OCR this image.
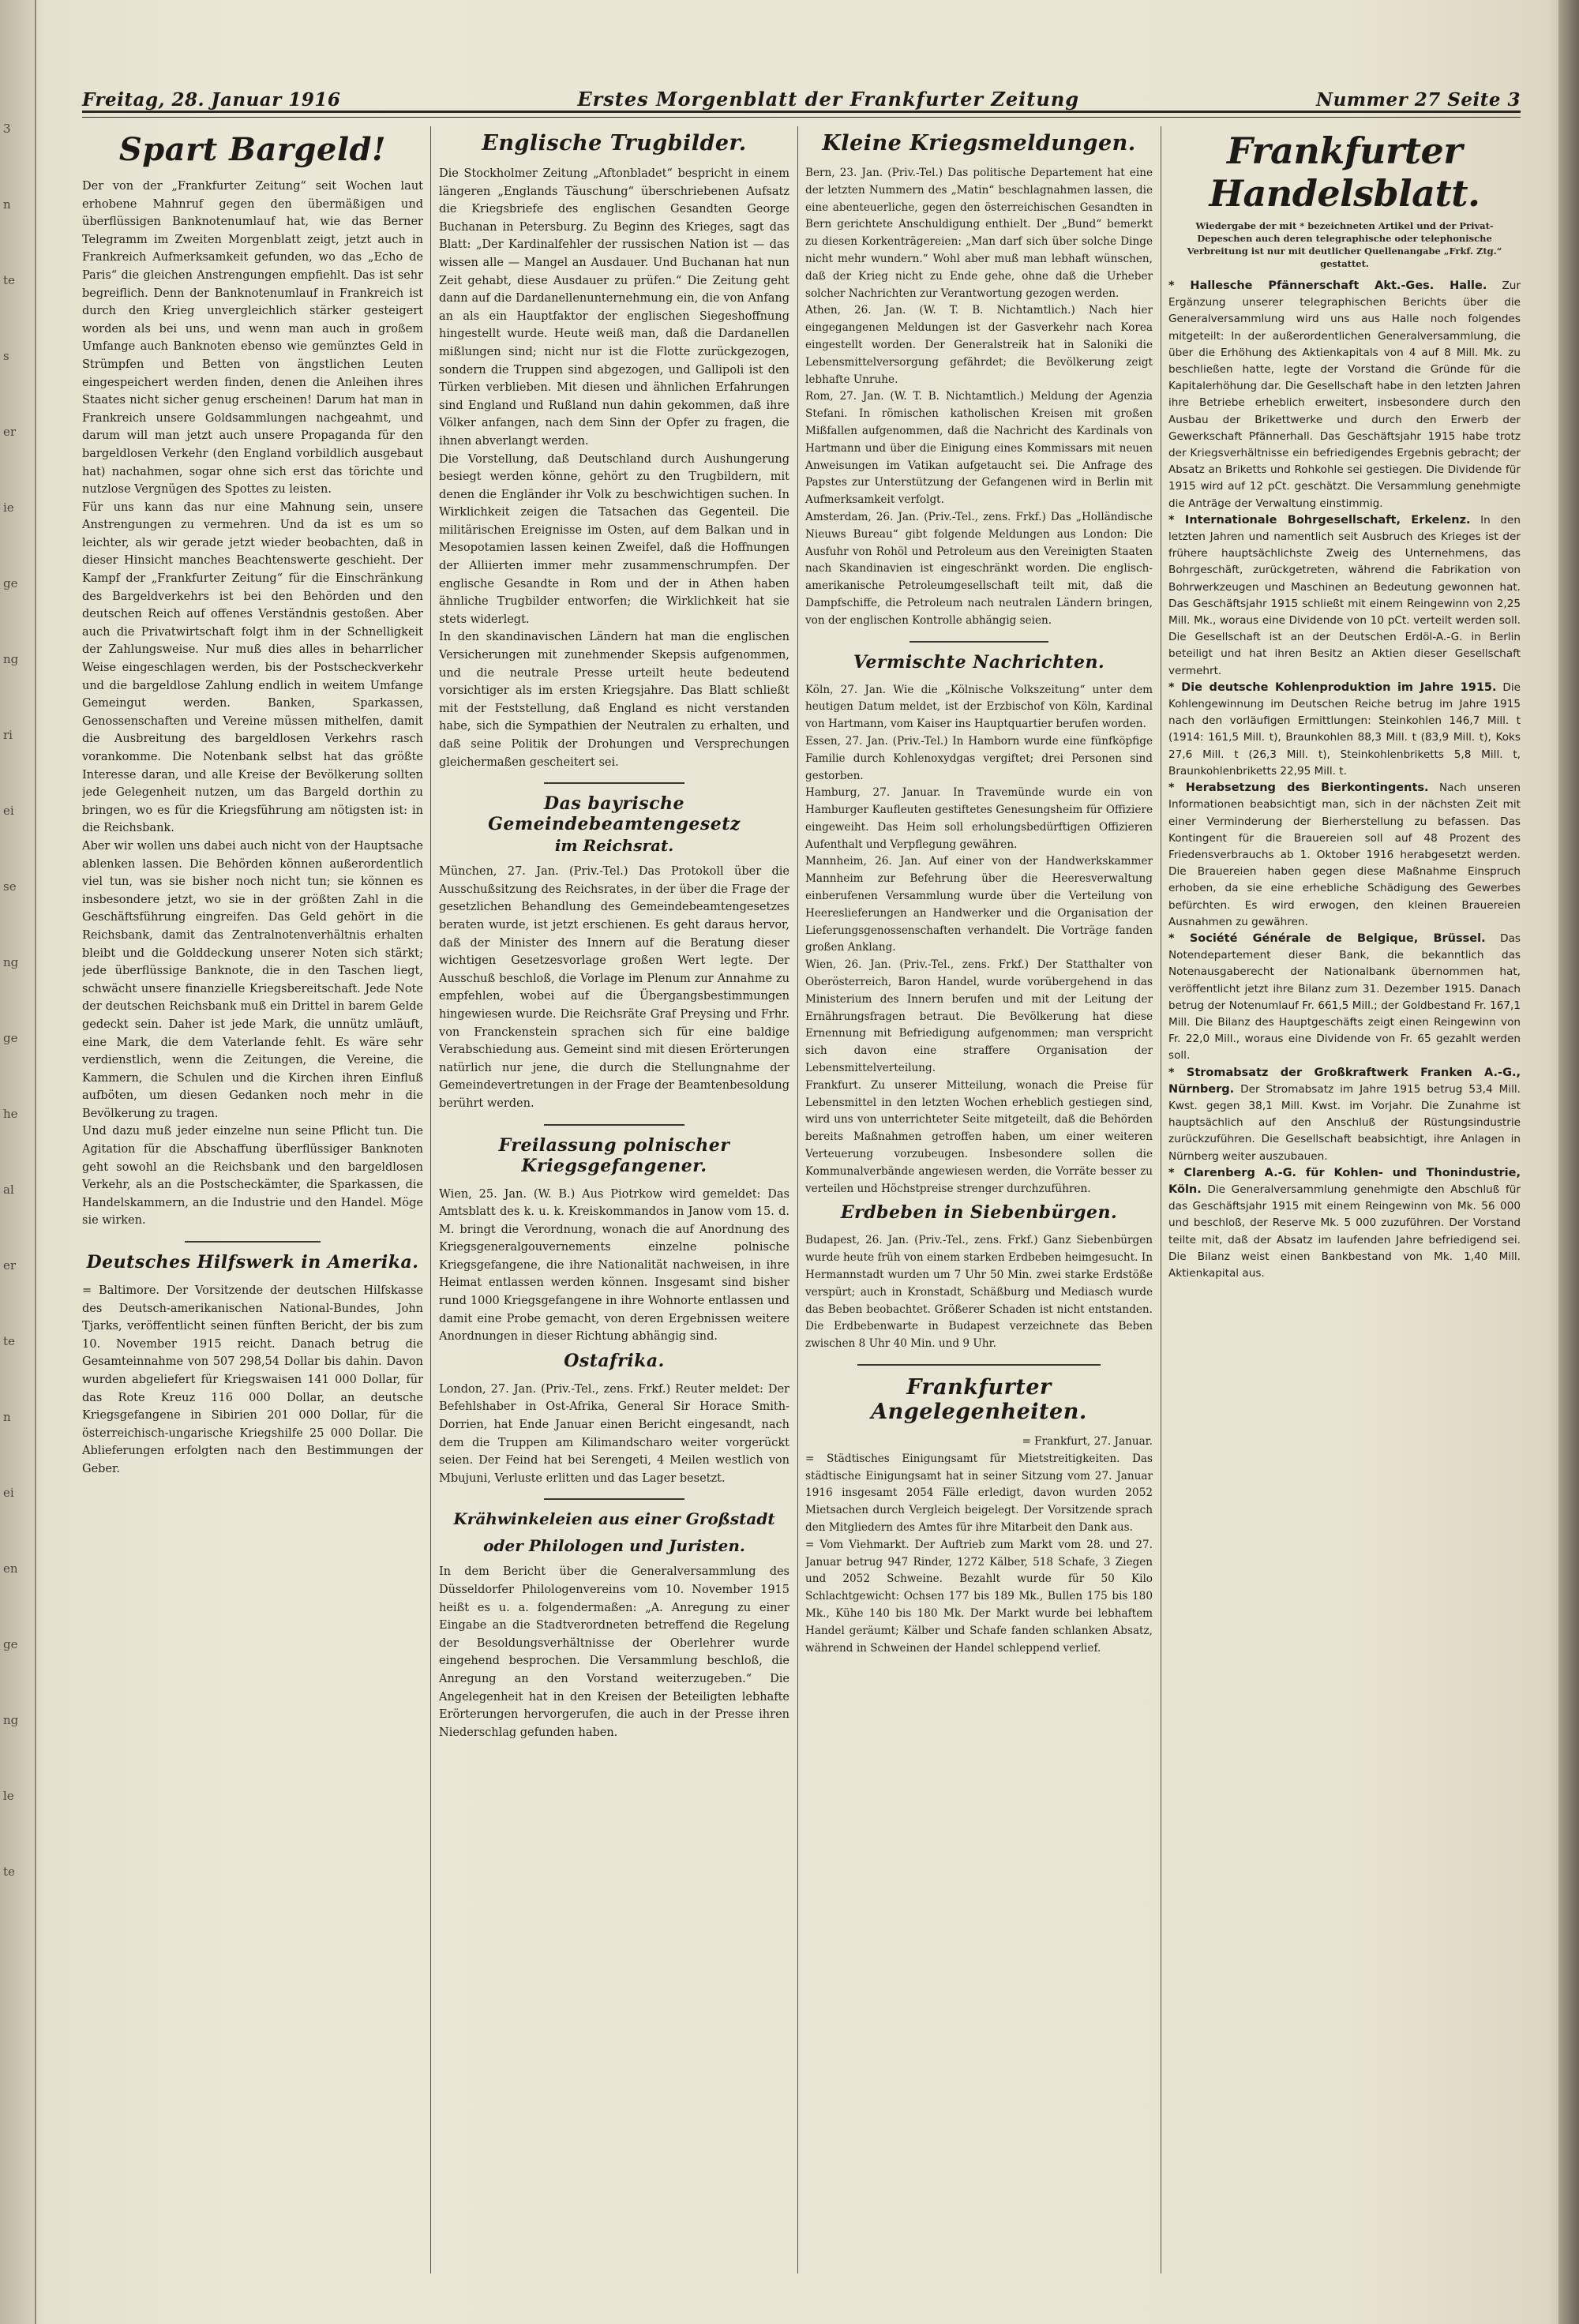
3
n
te
s
er
ie
ge
ng
ri
ei
se
ng
ge
he
al
er
te
n
ei
en
ge
ng
le
te
Freitag, 28. Januar 1916	Erstes Morgenblatt der Frankfurter Zeitung	Nummer 27 Seite 3
Spart Bargeld!

Der von der „Frankfurter Zeitung“ seit Wochen laut erhobene Mahnruf gegen den übermäßigen und überflüssigen Banknotenumlauf hat, wie das Berner Telegramm im Zweiten Morgenblatt zeigt, jetzt auch in Frankreich Aufmerksamkeit gefunden, wo das „Echo de Paris“ die gleichen Anstrengungen empfiehlt. Das ist sehr begreiflich. Denn der Banknotenumlauf in Frankreich ist durch den Krieg unvergleichlich stärker gesteigert worden als bei uns, und wenn man auch in großem Umfange auch Banknoten ebenso wie gemünztes Geld in Strümpfen und Betten von ängstlichen Leuten eingespeichert werden finden, denen die Anleihen ihres Staates nicht sicher genug erscheinen! Darum hat man in Frankreich unsere Goldsammlungen nachgeahmt, und darum will man jetzt auch unsere Propaganda für den bargeldlosen Verkehr (den England vorbildlich ausgebaut hat) nachahmen, sogar ohne sich erst das törichte und nutzlose Vergnügen des Spottes zu leisten.

Für uns kann das nur eine Mahnung sein, unsere Anstrengungen zu vermehren. Und da ist es um so leichter, als wir gerade jetzt wieder beobachten, daß in dieser Hinsicht manches Beachtenswerte geschieht. Der Kampf der „Frankfurter Zeitung“ für die Einschränkung des Bargeldverkehrs ist bei den Behörden und den deutschen Reich auf offenes Verständnis gestoßen. Aber auch die Privatwirtschaft folgt ihm in der Schnelligkeit der Zahlungsweise. Nur muß dies alles in beharrlicher Weise eingeschlagen werden, bis der Postscheckverkehr und die bargeldlose Zahlung endlich in weitem Umfange Gemeingut werden. Banken, Sparkassen, Genossenschaften und Vereine müssen mithelfen, damit die Ausbreitung des bargeldlosen Verkehrs rasch vorankomme. Die Notenbank selbst hat das größte Interesse daran, und alle Kreise der Bevölkerung sollten jede Gelegenheit nutzen, um das Bargeld dorthin zu bringen, wo es für die Kriegsführung am nötigsten ist: in die Reichsbank.

Aber wir wollen uns dabei auch nicht von der Hauptsache ablenken lassen. Die Behörden können außerordentlich viel tun, was sie bisher noch nicht tun; sie können es insbesondere jetzt, wo sie in der größten Zahl in die Geschäftsführung eingreifen. Das Geld gehört in die Reichsbank, damit das Zentralnotenverhältnis erhalten bleibt und die Golddeckung unserer Noten sich stärkt; jede überflüssige Banknote, die in den Taschen liegt, schwächt unsere finanzielle Kriegsbereitschaft. Jede Note der deutschen Reichsbank muß ein Drittel in barem Gelde gedeckt sein. Daher ist jede Mark, die unnütz umläuft, eine Mark, die dem Vaterlande fehlt. Es wäre sehr verdienstlich, wenn die Zeitungen, die Vereine, die Kammern, die Schulen und die Kirchen ihren Einfluß aufböten, um diesen Gedanken noch mehr in die Bevölkerung zu tragen.

Und dazu muß jeder einzelne nun seine Pflicht tun. Die Agitation für die Abschaffung überflüssiger Banknoten geht sowohl an die Reichsbank und den bargeldlosen Verkehr, als an die Postscheckämter, die Sparkassen, die Handelskammern, an die Industrie und den Handel. Möge sie wirken.

Deutsches Hilfswerk in Amerika.

= Baltimore. Der Vorsitzende der deutschen Hilfskasse des Deutsch-amerikanischen National-Bundes, John Tjarks, veröffentlicht seinen fünften Bericht, der bis zum 10. November 1915 reicht. Danach betrug die Gesamteinnahme von 507 298,54 Dollar bis dahin. Davon wurden abgeliefert für Kriegswaisen 141 000 Dollar, für das Rote Kreuz 116 000 Dollar, an deutsche Kriegsgefangene in Sibirien 201 000 Dollar, für die österreichisch-ungarische Kriegshilfe 25 000 Dollar. Die Ablieferungen erfolgten nach den Bestimmungen der Geber.

Englische Trugbilder.

Die Stockholmer Zeitung „Aftonbladet“ bespricht in einem längeren „Englands Täuschung“ überschriebenen Aufsatz die Kriegsbriefe des englischen Gesandten George Buchanan in Petersburg. Zu Beginn des Krieges, sagt das Blatt: „Der Kardinalfehler der russischen Nation ist — das wissen alle — Mangel an Ausdauer. Und Buchanan hat nun Zeit gehabt, diese Ausdauer zu prüfen.“ Die Zeitung geht dann auf die Dardanellenunternehmung ein, die von Anfang an als ein Hauptfaktor der englischen Siegeshoffnung hingestellt wurde. Heute weiß man, daß die Dardanellen mißlungen sind; nicht nur ist die Flotte zurückgezogen, sondern die Truppen sind abgezogen, und Gallipoli ist den Türken verblieben. Mit diesen und ähnlichen Erfahrungen sind England und Rußland nun dahin gekommen, daß ihre Völker anfangen, nach dem Sinn der Opfer zu fragen, die ihnen abverlangt werden.

Die Vorstellung, daß Deutschland durch Aushungerung besiegt werden könne, gehört zu den Trugbildern, mit denen die Engländer ihr Volk zu beschwichtigen suchen. In Wirklichkeit zeigen die Tatsachen das Gegenteil. Die militärischen Ereignisse im Osten, auf dem Balkan und in Mesopotamien lassen keinen Zweifel, daß die Hoffnungen der Alliierten immer mehr zusammenschrumpfen. Der englische Gesandte in Rom und der in Athen haben ähnliche Trugbilder entworfen; die Wirklichkeit hat sie stets widerlegt.

In den skandinavischen Ländern hat man die englischen Versicherungen mit zunehmender Skepsis aufgenommen, und die neutrale Presse urteilt heute bedeutend vorsichtiger als im ersten Kriegsjahre. Das Blatt schließt mit der Feststellung, daß England es nicht verstanden habe, sich die Sympathien der Neutralen zu erhalten, und daß seine Politik der Drohungen und Versprechungen gleichermaßen gescheitert sei.

Das bayrische Gemeindebeamtengesetz
im Reichsrat.

München, 27. Jan. (Priv.-Tel.) Das Protokoll über die Ausschußsitzung des Reichsrates, in der über die Frage der gesetzlichen Behandlung des Gemeindebeamtengesetzes beraten wurde, ist jetzt erschienen. Es geht daraus hervor, daß der Minister des Innern auf die Beratung dieser wichtigen Gesetzesvorlage großen Wert legte. Der Ausschuß beschloß, die Vorlage im Plenum zur Annahme zu empfehlen, wobei auf die Übergangsbestimmungen hingewiesen wurde. Die Reichsräte Graf Preysing und Frhr. von Franckenstein sprachen sich für eine baldige Verabschiedung aus. Gemeint sind mit diesen Erörterungen natürlich nur jene, die durch die Stellungnahme der Gemeindevertretungen in der Frage der Beamtenbesoldung berührt werden.

Freilassung polnischer Kriegsgefangener.

Wien, 25. Jan. (W. B.) Aus Piotrkow wird gemeldet: Das Amtsblatt des k. u. k. Kreiskommandos in Janow vom 15. d. M. bringt die Verordnung, wonach die auf Anordnung des Kriegsgeneralgouvernements einzelne polnische Kriegsgefangene, die ihre Nationalität nachweisen, in ihre Heimat entlassen werden können. Insgesamt sind bisher rund 1000 Kriegsgefangene in ihre Wohnorte entlassen und damit eine Probe gemacht, von deren Ergebnissen weitere Anordnungen in dieser Richtung abhängig sind.

Ostafrika.

London, 27. Jan. (Priv.-Tel., zens. Frkf.) Reuter meldet: Der Befehlshaber in Ost-Afrika, General Sir Horace Smith-Dorrien, hat Ende Januar einen Bericht eingesandt, nach dem die Truppen am Kilimandscharo weiter vorgerückt seien. Der Feind hat bei Serengeti, 4 Meilen westlich von Mbujuni, Verluste erlitten und das Lager besetzt.

Krähwinkeleien aus einer Großstadt
oder Philologen und Juristen.

In dem Bericht über die Generalversammlung des Düsseldorfer Philologenvereins vom 10. November 1915 heißt es u. a. folgendermaßen: „A. Anregung zu einer Eingabe an die Stadtverordneten betreffend die Regelung der Besoldungsverhältnisse der Oberlehrer wurde eingehend besprochen. Die Versammlung beschloß, die Anregung an den Vorstand weiterzugeben.“ Die Angelegenheit hat in den Kreisen der Beteiligten lebhafte Erörterungen hervorgerufen, die auch in der Presse ihren Niederschlag gefunden haben.

Kleine Kriegsmeldungen.

Bern, 23. Jan. (Priv.-Tel.) Das politische Departement hat eine der letzten Nummern des „Matin“ beschlagnahmen lassen, die eine abenteuerliche, gegen den österreichischen Gesandten in Bern gerichtete Anschuldigung enthielt. Der „Bund“ bemerkt zu diesen Korkenträgereien: „Man darf sich über solche Dinge nicht mehr wundern.“ Wohl aber muß man lebhaft wünschen, daß der Krieg nicht zu Ende gehe, ohne daß die Urheber solcher Nachrichten zur Verantwortung gezogen werden.

Athen, 26. Jan. (W. T. B. Nichtamtlich.) Nach hier eingegangenen Meldungen ist der Gasverkehr nach Korea eingestellt worden. Der Generalstreik hat in Saloniki die Lebensmittelversorgung gefährdet; die Bevölkerung zeigt lebhafte Unruhe.

Rom, 27. Jan. (W. T. B. Nichtamtlich.) Meldung der Agenzia Stefani. In römischen katholischen Kreisen mit großen Mißfallen aufgenommen, daß die Nachricht des Kardinals von Hartmann und über die Einigung eines Kommissars mit neuen Anweisungen im Vatikan aufgetaucht sei. Die Anfrage des Papstes zur Unterstützung der Gefangenen wird in Berlin mit Aufmerksamkeit verfolgt.

Amsterdam, 26. Jan. (Priv.-Tel., zens. Frkf.) Das „Holländische Nieuws Bureau“ gibt folgende Meldungen aus London: Die Ausfuhr von Rohöl und Petroleum aus den Vereinigten Staaten nach Skandinavien ist eingeschränkt worden. Die englisch-amerikanische Petroleumgesellschaft teilt mit, daß die Dampfschiffe, die Petroleum nach neutralen Ländern bringen, von der englischen Kontrolle abhängig seien.

Vermischte Nachrichten.

Köln, 27. Jan. Wie die „Kölnische Volkszeitung“ unter dem heutigen Datum meldet, ist der Erzbischof von Köln, Kardinal von Hartmann, vom Kaiser ins Hauptquartier berufen worden.

Essen, 27. Jan. (Priv.-Tel.) In Hamborn wurde eine fünfköpfige Familie durch Kohlenoxydgas vergiftet; drei Personen sind gestorben.

Hamburg, 27. Januar. In Travemünde wurde ein von Hamburger Kaufleuten gestiftetes Genesungsheim für Offiziere eingeweiht. Das Heim soll erholungsbedürftigen Offizieren Aufenthalt und Verpflegung gewähren.

Mannheim, 26. Jan. Auf einer von der Handwerkskammer Mannheim zur Befehrung über die Heeresverwaltung einberufenen Versammlung wurde über die Verteilung von Heereslieferungen an Handwerker und die Organisation der Lieferungsgenossenschaften verhandelt. Die Vorträge fanden großen Anklang.

Wien, 26. Jan. (Priv.-Tel., zens. Frkf.) Der Statthalter von Oberösterreich, Baron Handel, wurde vorübergehend in das Ministerium des Innern berufen und mit der Leitung der Ernährungsfragen betraut. Die Bevölkerung hat diese Ernennung mit Befriedigung aufgenommen; man verspricht sich davon eine straffere Organisation der Lebensmittelverteilung.

Frankfurt. Zu unserer Mitteilung, wonach die Preise für Lebensmittel in den letzten Wochen erheblich gestiegen sind, wird uns von unterrichteter Seite mitgeteilt, daß die Behörden bereits Maßnahmen getroffen haben, um einer weiteren Verteuerung vorzubeugen. Insbesondere sollen die Kommunalverbände angewiesen werden, die Vorräte besser zu verteilen und Höchstpreise strenger durchzuführen.

Erdbeben in Siebenbürgen.

Budapest, 26. Jan. (Priv.-Tel., zens. Frkf.) Ganz Siebenbürgen wurde heute früh von einem starken Erdbeben heimgesucht. In Hermannstadt wurden um 7 Uhr 50 Min. zwei starke Erdstöße verspürt; auch in Kronstadt, Schäßburg und Mediasch wurde das Beben beobachtet. Größerer Schaden ist nicht entstanden. Die Erdbebenwarte in Budapest verzeichnete das Beben zwischen 8 Uhr 40 Min. und 9 Uhr.

Frankfurter Angelegenheiten.
= Frankfurt, 27. Januar.

= Städtisches Einigungsamt für Mietstreitigkeiten. Das städtische Einigungsamt hat in seiner Sitzung vom 27. Januar 1916 insgesamt 2054 Fälle erledigt, davon wurden 2052 Mietsachen durch Vergleich beigelegt. Der Vorsitzende sprach den Mitgliedern des Amtes für ihre Mitarbeit den Dank aus.

= Vom Viehmarkt. Der Auftrieb zum Markt vom 28. und 27. Januar betrug 947 Rinder, 1272 Kälber, 518 Schafe, 3 Ziegen und 2052 Schweine. Bezahlt wurde für 50 Kilo Schlachtgewicht: Ochsen 177 bis 189 Mk., Bullen 175 bis 180 Mk., Kühe 140 bis 180 Mk. Der Markt wurde bei lebhaftem Handel geräumt; Kälber und Schafe fanden schlanken Absatz, während in Schweinen der Handel schleppend verlief.

Frankfurter Handelsblatt.
Wiedergabe der mit * bezeichneten Artikel und der Privat-Depeschen auch deren telegraphische oder telephonische Verbreitung ist nur mit deutlicher Quellenangabe „Frkf. Ztg.“ gestattet.

* Hallesche Pfännerschaft Akt.-Ges. Halle. Zur Ergänzung unserer telegraphischen Berichts über die Generalversammlung wird uns aus Halle noch folgendes mitgeteilt: In der außerordentlichen Generalversammlung, die über die Erhöhung des Aktienkapitals von 4 auf 8 Mill. Mk. zu beschließen hatte, legte der Vorstand die Gründe für die Kapitalerhöhung dar. Die Gesellschaft habe in den letzten Jahren ihre Betriebe erheblich erweitert, insbesondere durch den Ausbau der Brikettwerke und durch den Erwerb der Gewerkschaft Pfännerhall. Das Geschäftsjahr 1915 habe trotz der Kriegsverhältnisse ein befriedigendes Ergebnis gebracht; der Absatz an Briketts und Rohkohle sei gestiegen. Die Dividende für 1915 wird auf 12 pCt. geschätzt. Die Versammlung genehmigte die Anträge der Verwaltung einstimmig.

* Internationale Bohrgesellschaft, Erkelenz. In den letzten Jahren und namentlich seit Ausbruch des Krieges ist der frühere hauptsächlichste Zweig des Unternehmens, das Bohrgeschäft, zurückgetreten, während die Fabrikation von Bohrwerkzeugen und Maschinen an Bedeutung gewonnen hat. Das Geschäftsjahr 1915 schließt mit einem Reingewinn von 2,25 Mill. Mk., woraus eine Dividende von 10 pCt. verteilt werden soll. Die Gesellschaft ist an der Deutschen Erdöl-A.-G. in Berlin beteiligt und hat ihren Besitz an Aktien dieser Gesellschaft vermehrt.

* Die deutsche Kohlenproduktion im Jahre 1915. Die Kohlengewinnung im Deutschen Reiche betrug im Jahre 1915 nach den vorläufigen Ermittlungen: Steinkohlen 146,7 Mill. t (1914: 161,5 Mill. t), Braunkohlen 88,3 Mill. t (83,9 Mill. t), Koks 27,6 Mill. t (26,3 Mill. t), Steinkohlenbriketts 5,8 Mill. t, Braunkohlenbriketts 22,95 Mill. t.

* Herabsetzung des Bierkontingents. Nach unseren Informationen beabsichtigt man, sich in der nächsten Zeit mit einer Verminderung der Bierherstellung zu befassen. Das Kontingent für die Brauereien soll auf 48 Prozent des Friedensverbrauchs ab 1. Oktober 1916 herabgesetzt werden. Die Brauereien haben gegen diese Maßnahme Einspruch erhoben, da sie eine erhebliche Schädigung des Gewerbes befürchten. Es wird erwogen, den kleinen Brauereien Ausnahmen zu gewähren.

* Société Générale de Belgique, Brüssel. Das Notendepartement dieser Bank, die bekanntlich das Notenausgaberecht der Nationalbank übernommen hat, veröffentlicht jetzt ihre Bilanz zum 31. Dezember 1915. Danach betrug der Notenumlauf Fr. 661,5 Mill.; der Goldbestand Fr. 167,1 Mill. Die Bilanz des Hauptgeschäfts zeigt einen Reingewinn von Fr. 22,0 Mill., woraus eine Dividende von Fr. 65 gezahlt werden soll.

* Stromabsatz der Großkraftwerk Franken A.-G., Nürnberg. Der Stromabsatz im Jahre 1915 betrug 53,4 Mill. Kwst. gegen 38,1 Mill. Kwst. im Vorjahr. Die Zunahme ist hauptsächlich auf den Anschluß der Rüstungsindustrie zurückzuführen. Die Gesellschaft beabsichtigt, ihre Anlagen in Nürnberg weiter auszubauen.

* Clarenberg A.-G. für Kohlen- und Thonindustrie, Köln. Die Generalversammlung genehmigte den Abschluß für das Geschäftsjahr 1915 mit einem Reingewinn von Mk. 56 000 und beschloß, der Reserve Mk. 5 000 zuzuführen. Der Vorstand teilte mit, daß der Absatz im laufenden Jahre befriedigend sei. Die Bilanz weist einen Bankbestand von Mk. 1,40 Mill. Aktienkapital aus.
